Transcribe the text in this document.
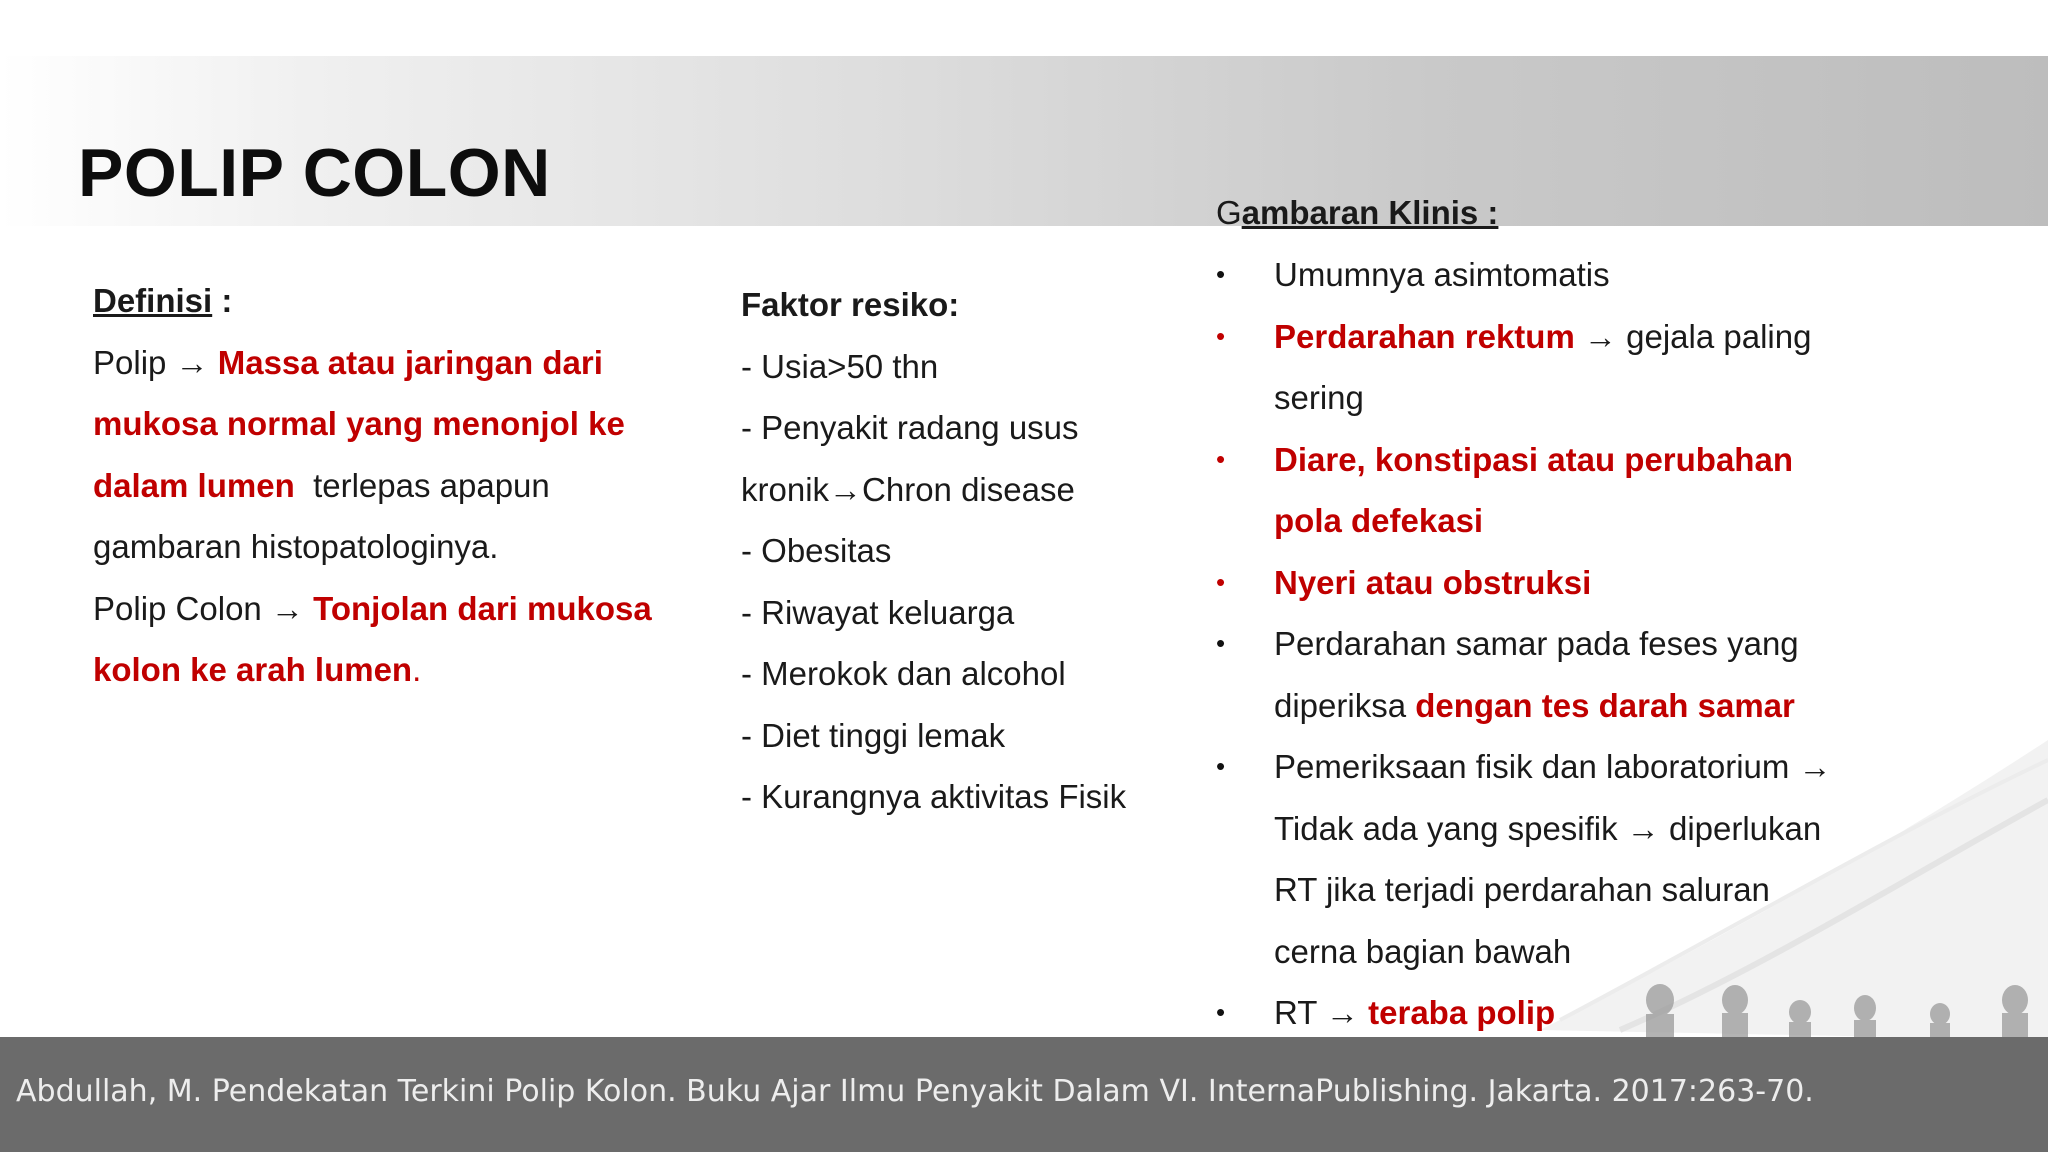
POLIP COLON
Definisi :
Polip → Massa atau jaringan dari
mukosa normal yang menonjol ke
dalam lumen  terlepas apapun
gambaran histopatologinya.
Polip Colon → Tonjolan dari mukosa
kolon ke arah lumen.
Faktor resiko:
- Usia>50 thn
- Penyakit radang usus
kronik→Chron disease
- Obesitas
- Riwayat keluarga
- Merokok dan alcohol
- Diet tinggi lemak
- Kurangnya aktivitas Fisik
Gambaran Klinis :
• Umumnya asimtomatis
• Perdarahan rektum → gejala paling
sering
• Diare, konstipasi atau perubahan
pola defekasi
• Nyeri atau obstruksi
• Perdarahan samar pada feses yang
diperiksa dengan tes darah samar
• Pemeriksaan fisik dan laboratorium →
Tidak ada yang spesifik → diperlukan
RT jika terjadi perdarahan saluran
cerna bagian bawah
• RT → teraba polip
Abdullah, M. Pendekatan Terkini Polip Kolon. Buku Ajar Ilmu Penyakit Dalam VI. InternaPublishing. Jakarta. 2017:263-70.
